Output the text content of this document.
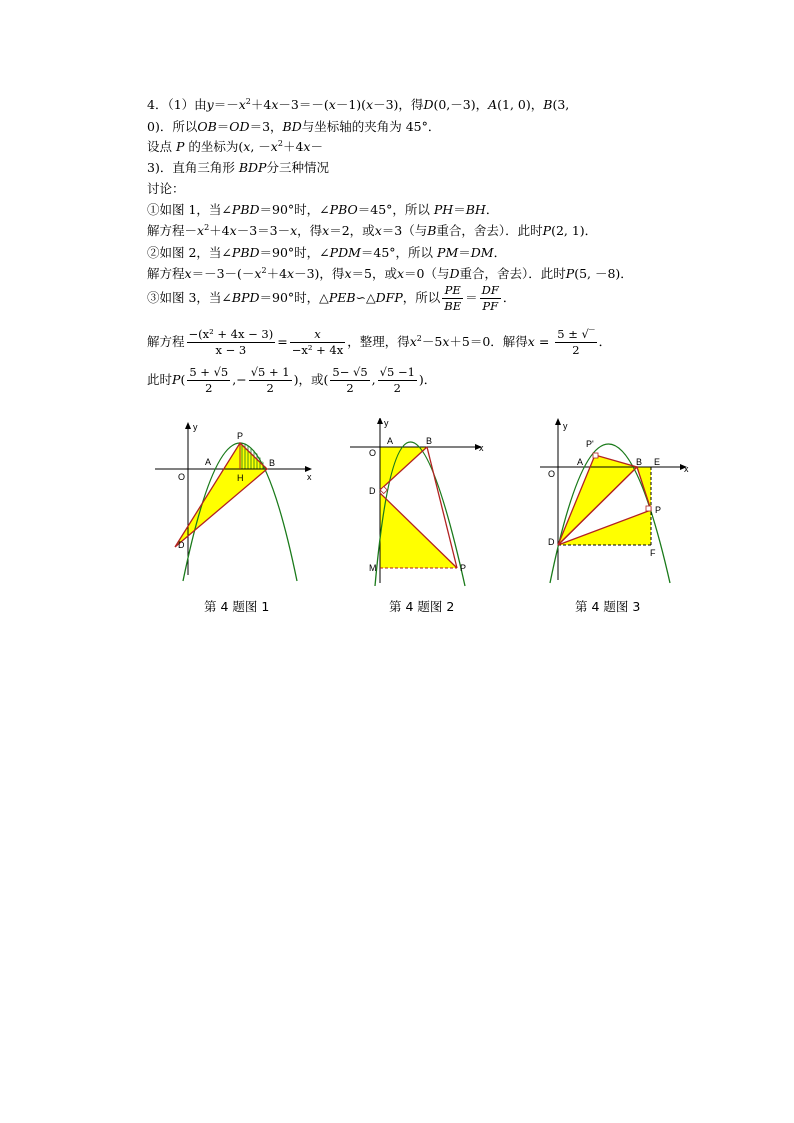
4．（1）由$y=-x^2+4x-3=-(x-1)(x-3)$，得D(0,－3)，A(1, 0)，B(3,
0)．所以OB＝OD＝3，BD与坐标轴的夹角为 45°．
设点 P 的坐标为(x, $-x^2+4x-$
3)．直角三角形 BDP分三种情况
讨论：
①如图 1，当∠PBD＝90°时，∠PBO＝45°，所以 PH＝BH．
解方程$-x^2+4x-3=3-x$，得x＝2，或x＝3（与B重合，舍去）．此时P(2, 1)．
②如图 2，当∠PBD＝90°时，∠PDM＝45°，所以 PM＝DM．
解方程$x=-3-(-x^2+4x-3)$，得x＝5，或x＝0（与D重合，舍去）．此时P(5, －8)．
③如图 3，当∠BPD＝90°时，△PEB∽△DFP，所以 $\frac{PE}{BE} = \frac{DF}{PF}$ ．
解方程 $\frac{\text{−(x² + 4x − 3)}}{x - 3} = \frac{x}{\text{−x² + 4x}}$ ，整理，得$x^2-5x+5=0$．解得$x = \frac{5 \pm √‾}{2}$ ．
此时$P( \frac{5 + √5}{2}$ ,− $\frac{√5 + 1}{2}$ )，或( $\frac{5- √5}{2}$ , $\frac{√5 -1}{2}$ )．
y
x
O
A
P
B
H
D
第 4 题图 1
y
x
O
A	B
D
M	P
第 4 题图 2
y
x
O
A
P'
B E
D
P
F
第 4 题图 3
